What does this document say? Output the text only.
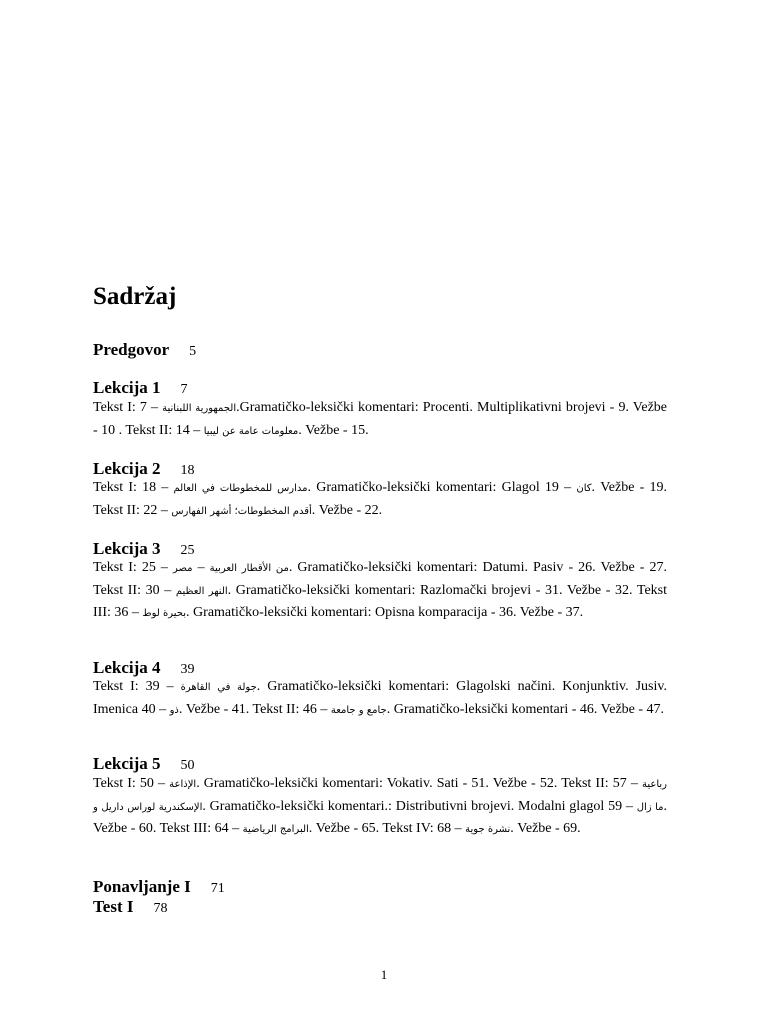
Sadržaj
Predgovor 5
Lekcija 1 7
Tekst I: 7 – الجمهورية اللبنانية.Gramatičko-leksički komentari: Procenti. Multiplikativni brojevi - 9. Vežbe - 10 . Tekst II: 14 – معلومات عامة عن ليبيا. Vežbe - 15.
Lekcija 2 18
Tekst I: 18 – مدارس للمخطوطات في العالم. Gramatičko-leksički komentari: Glagol 19 – كان. Vežbe - 19. Tekst II: 22 – أقدم المخطوطات؛ أشهر الفهارس. Vežbe - 22.
Lekcija 3 25
Tekst I: 25 – مصر – من الأقطار العربية. Gramatičko-leksički komentari: Datumi. Pasiv - 26. Vežbe - 27. Tekst II: 30 – النهر العظيم. Gramatičko-leksički komentari: Razlomački brojevi - 31. Vežbe - 32. Tekst III: 36 – بحيرة لوط. Gramatičko-leksički komentari: Opisna komparacija - 36. Vežbe - 37.
Lekcija 4 39
Tekst I: 39 – جولة في القاهرة. Gramatičko-leksički komentari: Glagolski načini. Konjunktiv. Jusiv. Imenica 40 – ذو. Vežbe - 41. Tekst II: 46 – جامع و جامعة. Gramatičko-leksički komentari - 46. Vežbe - 47.
Lekcija 5 50
Tekst I: 50 – الإذاعة. Gramatičko-leksički komentari: Vokativ. Sati - 51. Vežbe - 52. Tekst II: 57 – رباعية الإسكندرية لوراس داريل و. Gramatičko-leksički komentari.: Distributivni brojevi. Modalni glagol 59 – ما زال. Vežbe - 60. Tekst III: 64 – البرامج الرياضية. Vežbe - 65. Tekst IV: 68 – نشرة جوية. Vežbe - 69.
Ponavljanje I 71
Test I 78
1
